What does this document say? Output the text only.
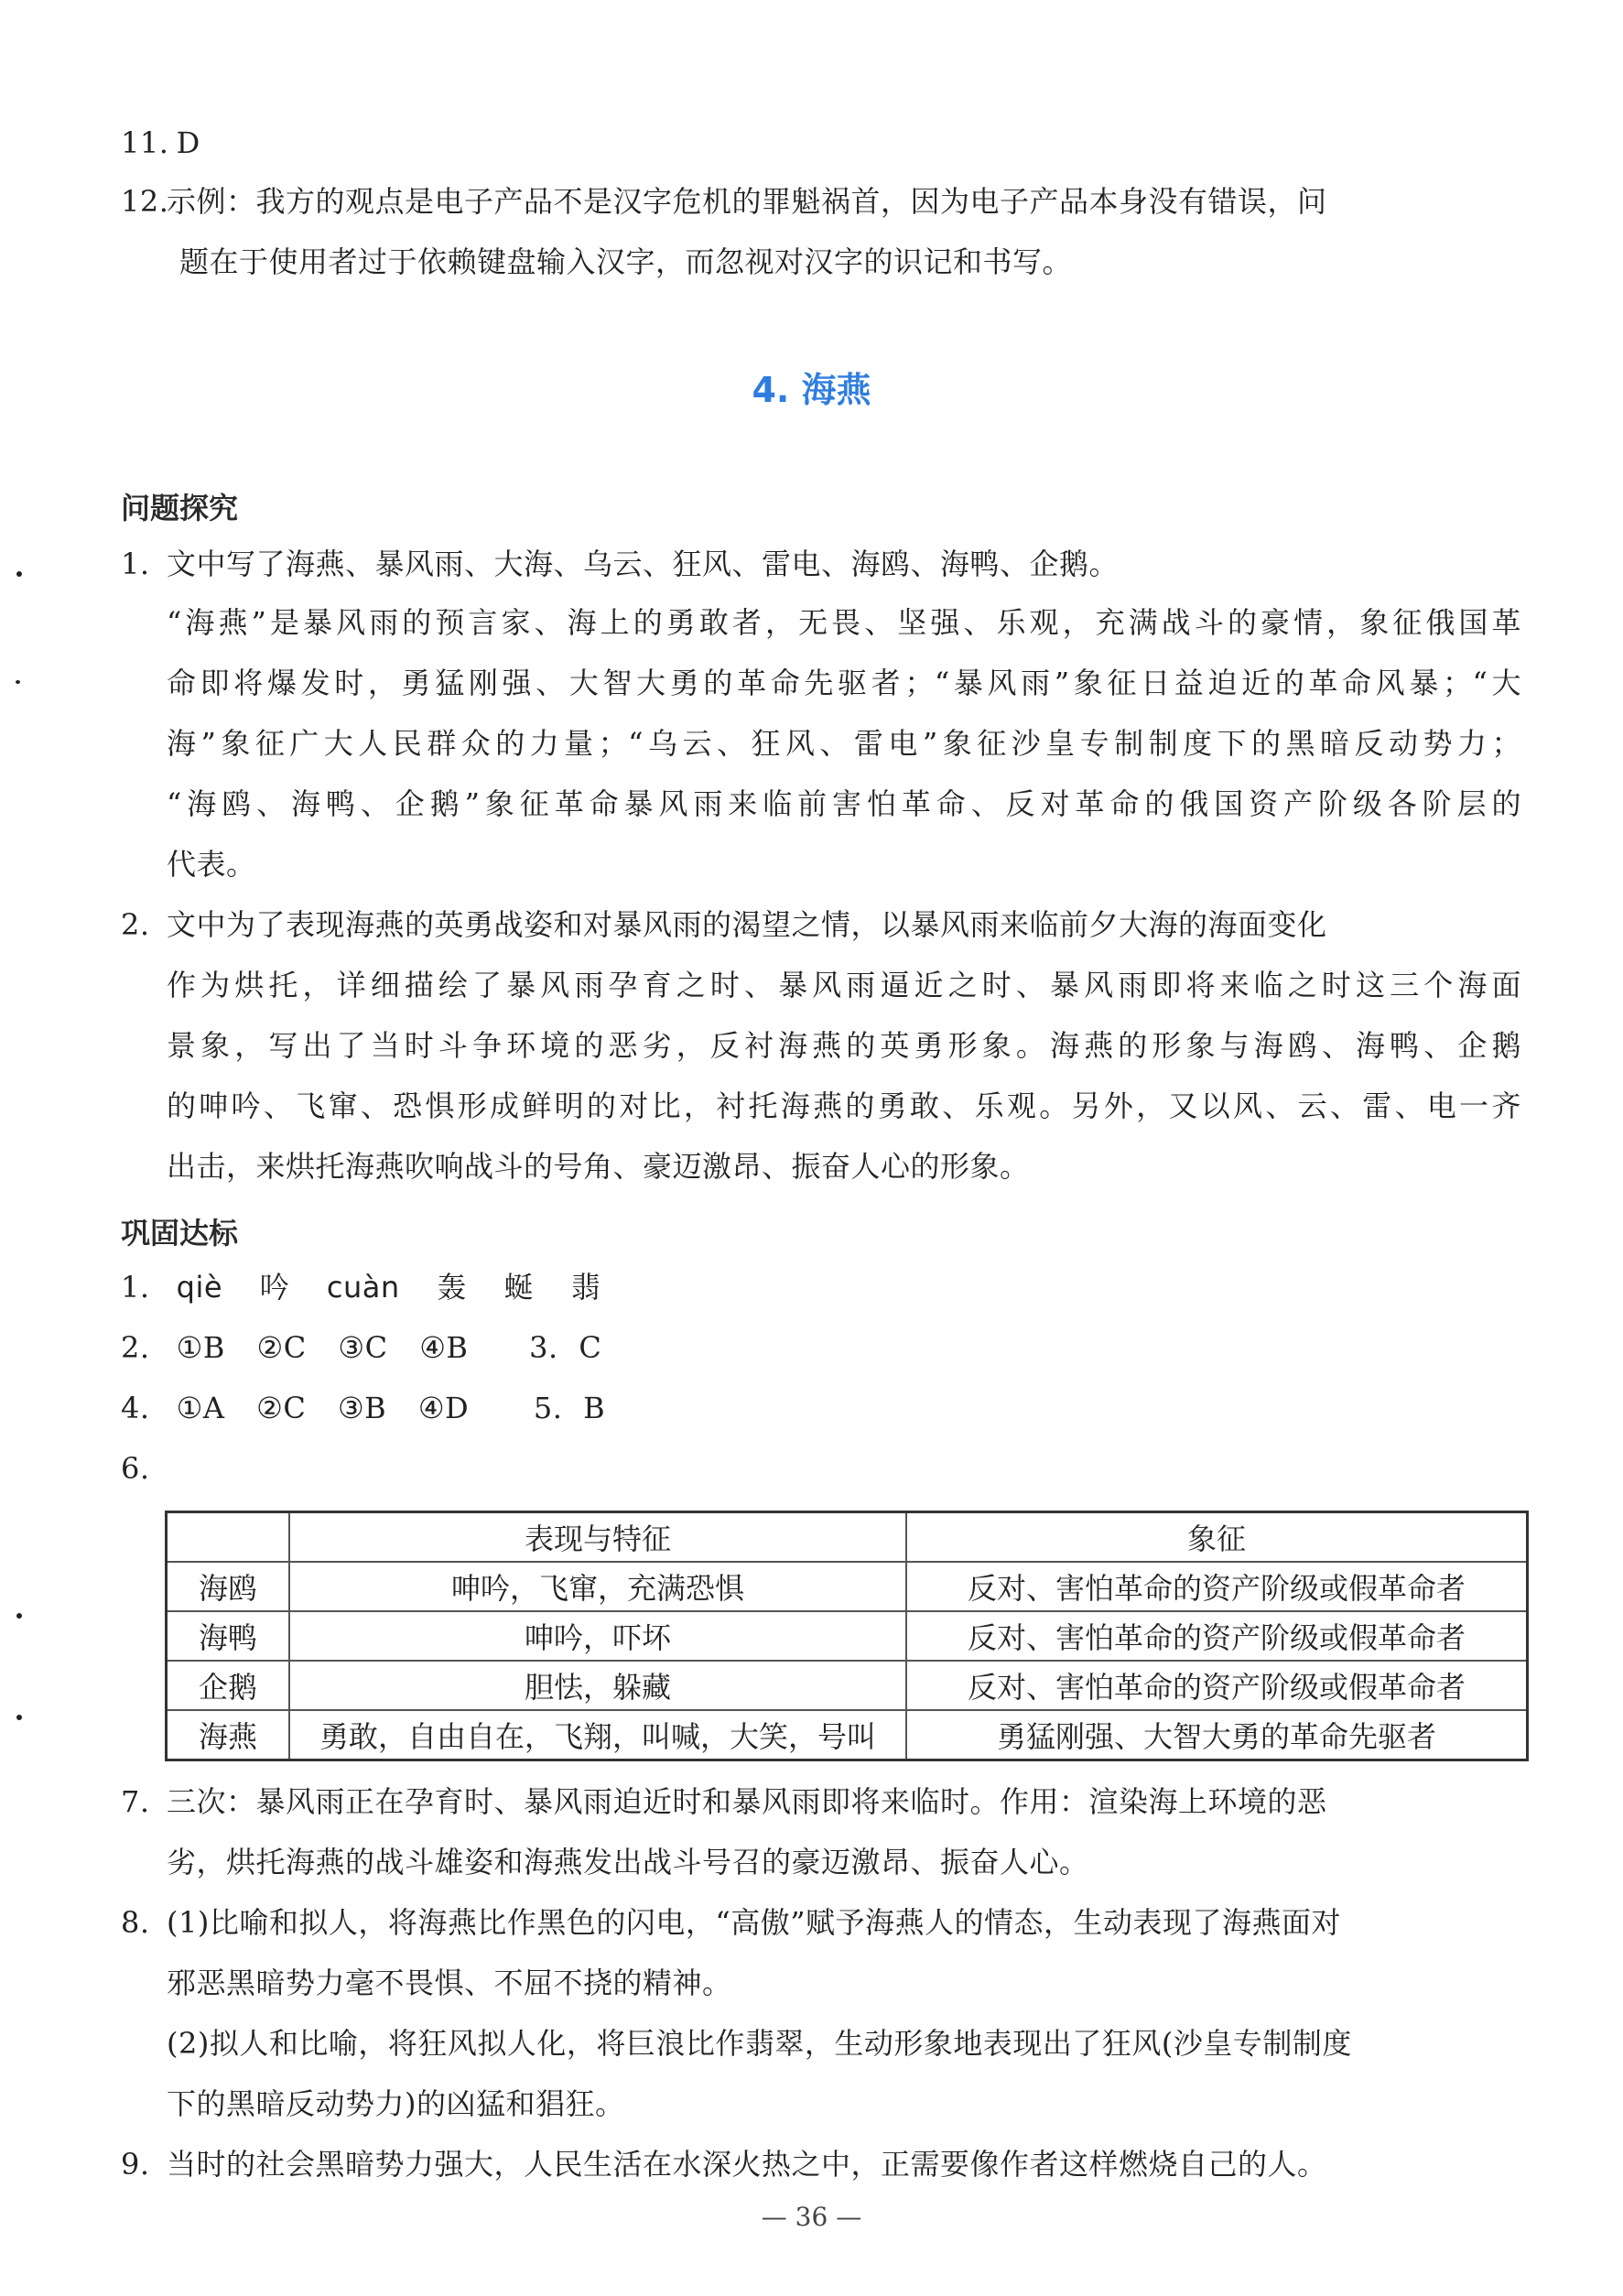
11. D
12.示例：我方的观点是电子产品不是汉字危机的罪魁祸首，因为电子产品本身没有错误，问
题在于使用者过于依赖键盘输入汉字，而忽视对汉字的识记和书写。
4. 海燕
问题探究
1. 文中写了海燕、暴风雨、大海、乌云、狂风、雷电、海鸥、海鸭、企鹅。
“海燕”是暴风雨的预言家、海上的勇敢者，无畏、坚强、乐观，充满战斗的豪情，象征俄国革
命即将爆发时，勇猛刚强、大智大勇的革命先驱者；“暴风雨”象征日益迫近的革命风暴；“大
海”象征广大人民群众的力量；“乌云、狂风、雷电”象征沙皇专制制度下的黑暗反动势力；
“海鸥、海鸭、企鹅”象征革命暴风雨来临前害怕革命、反对革命的俄国资产阶级各阶层的
代表。
2. 文中为了表现海燕的英勇战姿和对暴风雨的渴望之情，以暴风雨来临前夕大海的海面变化
作为烘托，详细描绘了暴风雨孕育之时、暴风雨逼近之时、暴风雨即将来临之时这三个海面
景象，写出了当时斗争环境的恶劣，反衬海燕的英勇形象。海燕的形象与海鸥、海鸭、企鹅
的呻吟、飞窜、恐惧形成鲜明的对比，衬托海燕的勇敢、乐观。另外，又以风、云、雷、电一齐
出击，来烘托海燕吹响战斗的号角、豪迈激昂、振奋人心的形象。
巩固达标
1. qiè 吟 cuàn 轰 蜒 翡
2. ①B ②C ③C ④B 3. C
4. ①A ②C ③B ④D 5. B
6.
	表现与特征	象征
海鸥	呻吟，飞窜，充满恐惧	反对、害怕革命的资产阶级或假革命者
海鸭	呻吟，吓坏	反对、害怕革命的资产阶级或假革命者
企鹅	胆怯，躲藏	反对、害怕革命的资产阶级或假革命者
海燕	勇敢，自由自在，飞翔，叫喊，大笑，号叫	勇猛刚强、大智大勇的革命先驱者
7. 三次：暴风雨正在孕育时、暴风雨迫近时和暴风雨即将来临时。作用：渲染海上环境的恶
劣，烘托海燕的战斗雄姿和海燕发出战斗号召的豪迈激昂、振奋人心。
8. (1)比喻和拟人，将海燕比作黑色的闪电，“高傲”赋予海燕人的情态，生动表现了海燕面对
邪恶黑暗势力毫不畏惧、不屈不挠的精神。
(2)拟人和比喻，将狂风拟人化，将巨浪比作翡翠，生动形象地表现出了狂风(沙皇专制制度
下的黑暗反动势力)的凶猛和猖狂。
9. 当时的社会黑暗势力强大，人民生活在水深火热之中，正需要像作者这样燃烧自己的人。
— 36 —
